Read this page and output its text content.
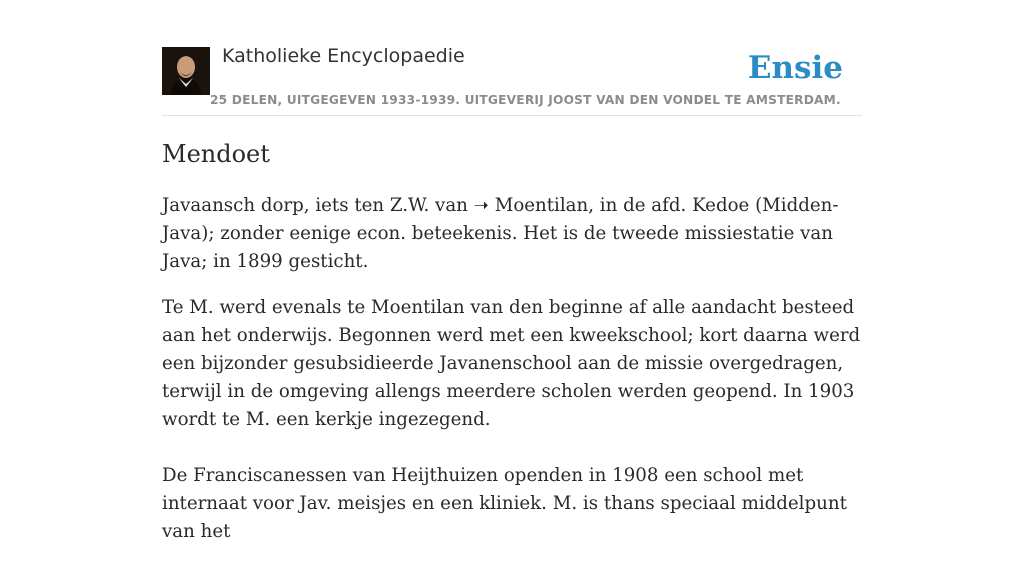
Katholieke Encyclopaedie	Ensie
25 DELEN, UITGEGEVEN 1933-1939. UITGEVERIJ JOOST VAN DEN VONDEL TE AMSTERDAM.
Mendoet

Javaansch dorp, iets ten Z.W. van ➝ Moentilan, in de afd. Kedoe (Midden-Java); zonder eenige econ. beteekenis. Het is de tweede missiestatie van Java; in 1899 gesticht.

Te M. werd evenals te Moentilan van den beginne af alle aandacht besteed aan het onderwijs. Begonnen werd met een kweekschool; kort daarna werd een bijzonder gesubsidieerde Javanenschool aan de missie overgedragen, terwijl in de omgeving allengs meerdere scholen werden geopend. In 1903 wordt te M. een kerkje ingezegend.

De Franciscanessen van Heijthuizen openden in 1908 een school met internaat voor Jav. meisjes en een kliniek. M. is thans speciaal middelpunt van het
